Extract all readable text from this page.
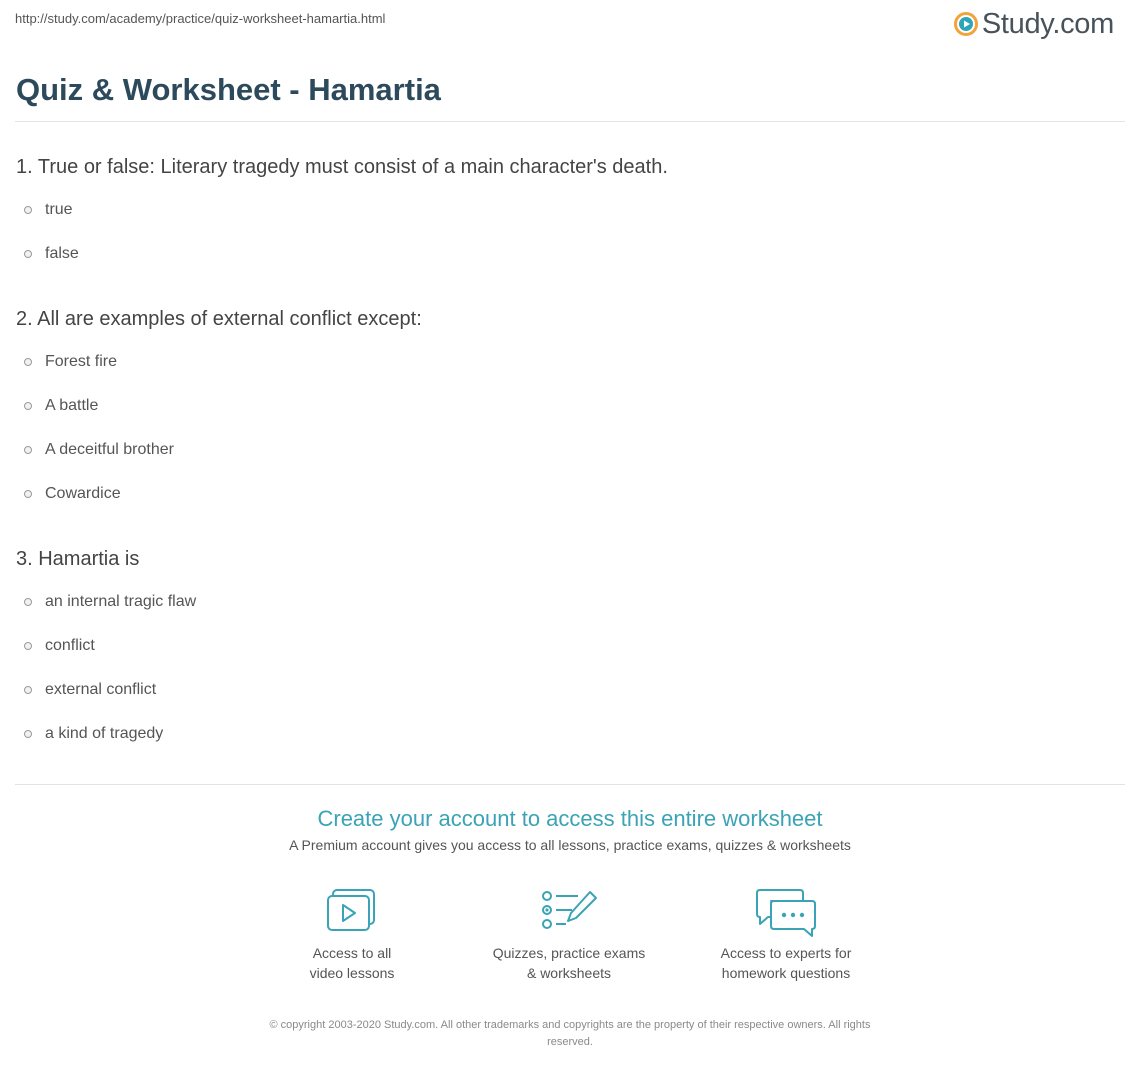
http://study.com/academy/practice/quiz-worksheet-hamartia.html	Study.com
Quiz & Worksheet - Hamartia

1. True or false: Literary tragedy must consist of a main character's death.

true
false

2. All are examples of external conflict except:

Forest fire
A battle
A deceitful brother
Cowardice

3. Hamartia is

an internal tragic flaw
conflict
external conflict
a kind of tragedy
Create your account to access this entire worksheet
A Premium account gives you access to all lessons, practice exams, quizzes & worksheets
Access to all
video lessons
Quizzes, practice exams
& worksheets
Access to experts for
homework questions
© copyright 2003-2020 Study.com. All other trademarks and copyrights are the property of their respective owners. All rights
reserved.
